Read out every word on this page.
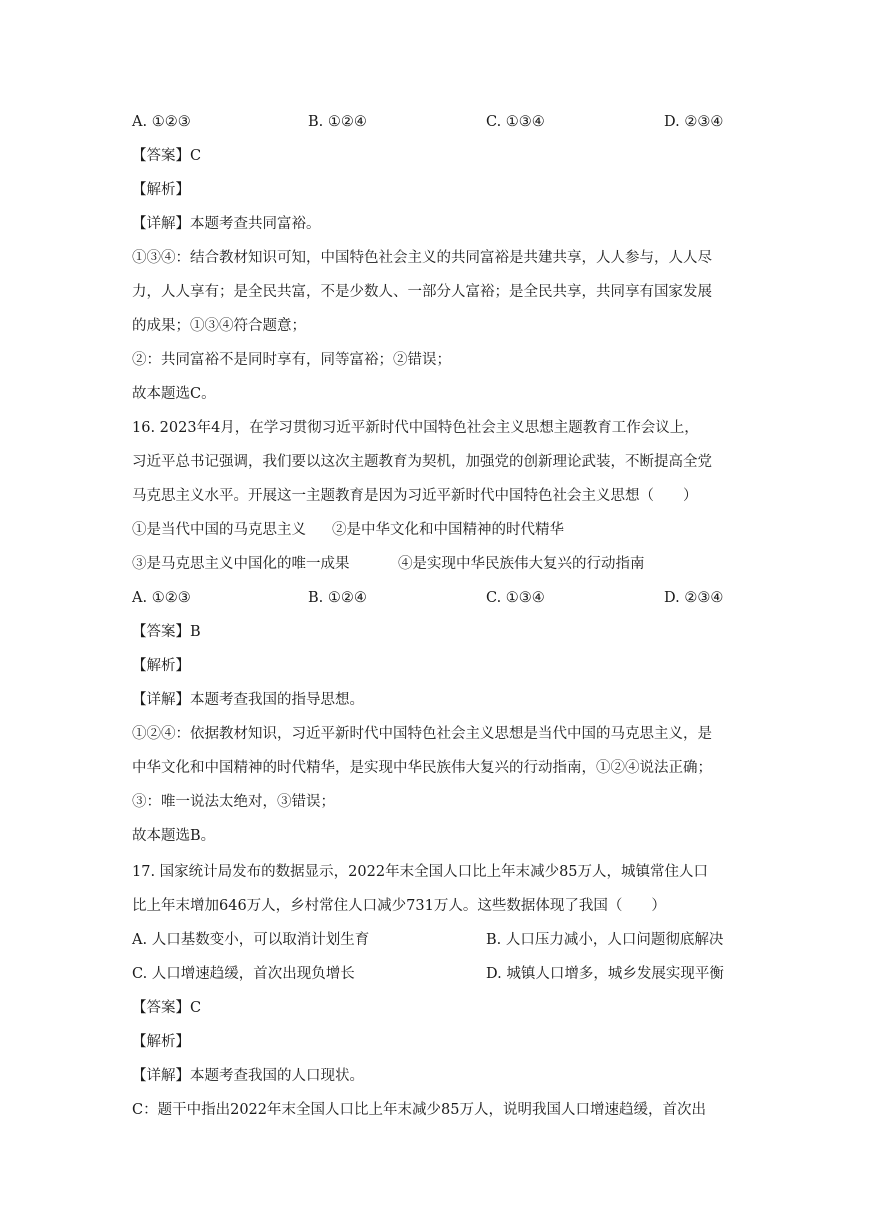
A. ①②③	B. ①②④	C. ①③④	D. ②③④
【答案】C
【解析】
【详解】本题考查共同富裕。
①③④：结合教材知识可知，中国特色社会主义的共同富裕是共建共享，人人参与，人人尽
力，人人享有；是全民共富，不是少数人、一部分人富裕；是全民共享，共同享有国家发展
的成果；①③④符合题意；
②：共同富裕不是同时享有，同等富裕；②错误；
故本题选C。
16. 2023年4月，在学习贯彻习近平新时代中国特色社会主义思想主题教育工作会议上，
习近平总书记强调，我们要以这次主题教育为契机，加强党的创新理论武装，不断提高全党
马克思主义水平。开展这一主题教育是因为习近平新时代中国特色社会主义思想（　　）
①是当代中国的马克思主义 ②是中华文化和中国精神的时代精华
③是马克思主义中国化的唯一成果	④是实现中华民族伟大复兴的行动指南
A. ①②③	B. ①②④	C. ①③④	D. ②③④
【答案】B
【解析】
【详解】本题考查我国的指导思想。
①②④：依据教材知识，习近平新时代中国特色社会主义思想是当代中国的马克思主义，是
中华文化和中国精神的时代精华，是实现中华民族伟大复兴的行动指南，①②④说法正确；
③：唯一说法太绝对，③错误；
故本题选B。
17. 国家统计局发布的数据显示，2022年末全国人口比上年末减少85万人，城镇常住人口
比上年末增加646万人，乡村常住人口减少731万人。这些数据体现了我国（　　）
A. 人口基数变小，可以取消计划生育	B. 人口压力减小，人口问题彻底解决
C. 人口增速趋缓，首次出现负增长	D. 城镇人口增多，城乡发展实现平衡
【答案】C
【解析】
【详解】本题考查我国的人口现状。
C：题干中指出2022年末全国人口比上年末减少85万人，说明我国人口增速趋缓，首次出
